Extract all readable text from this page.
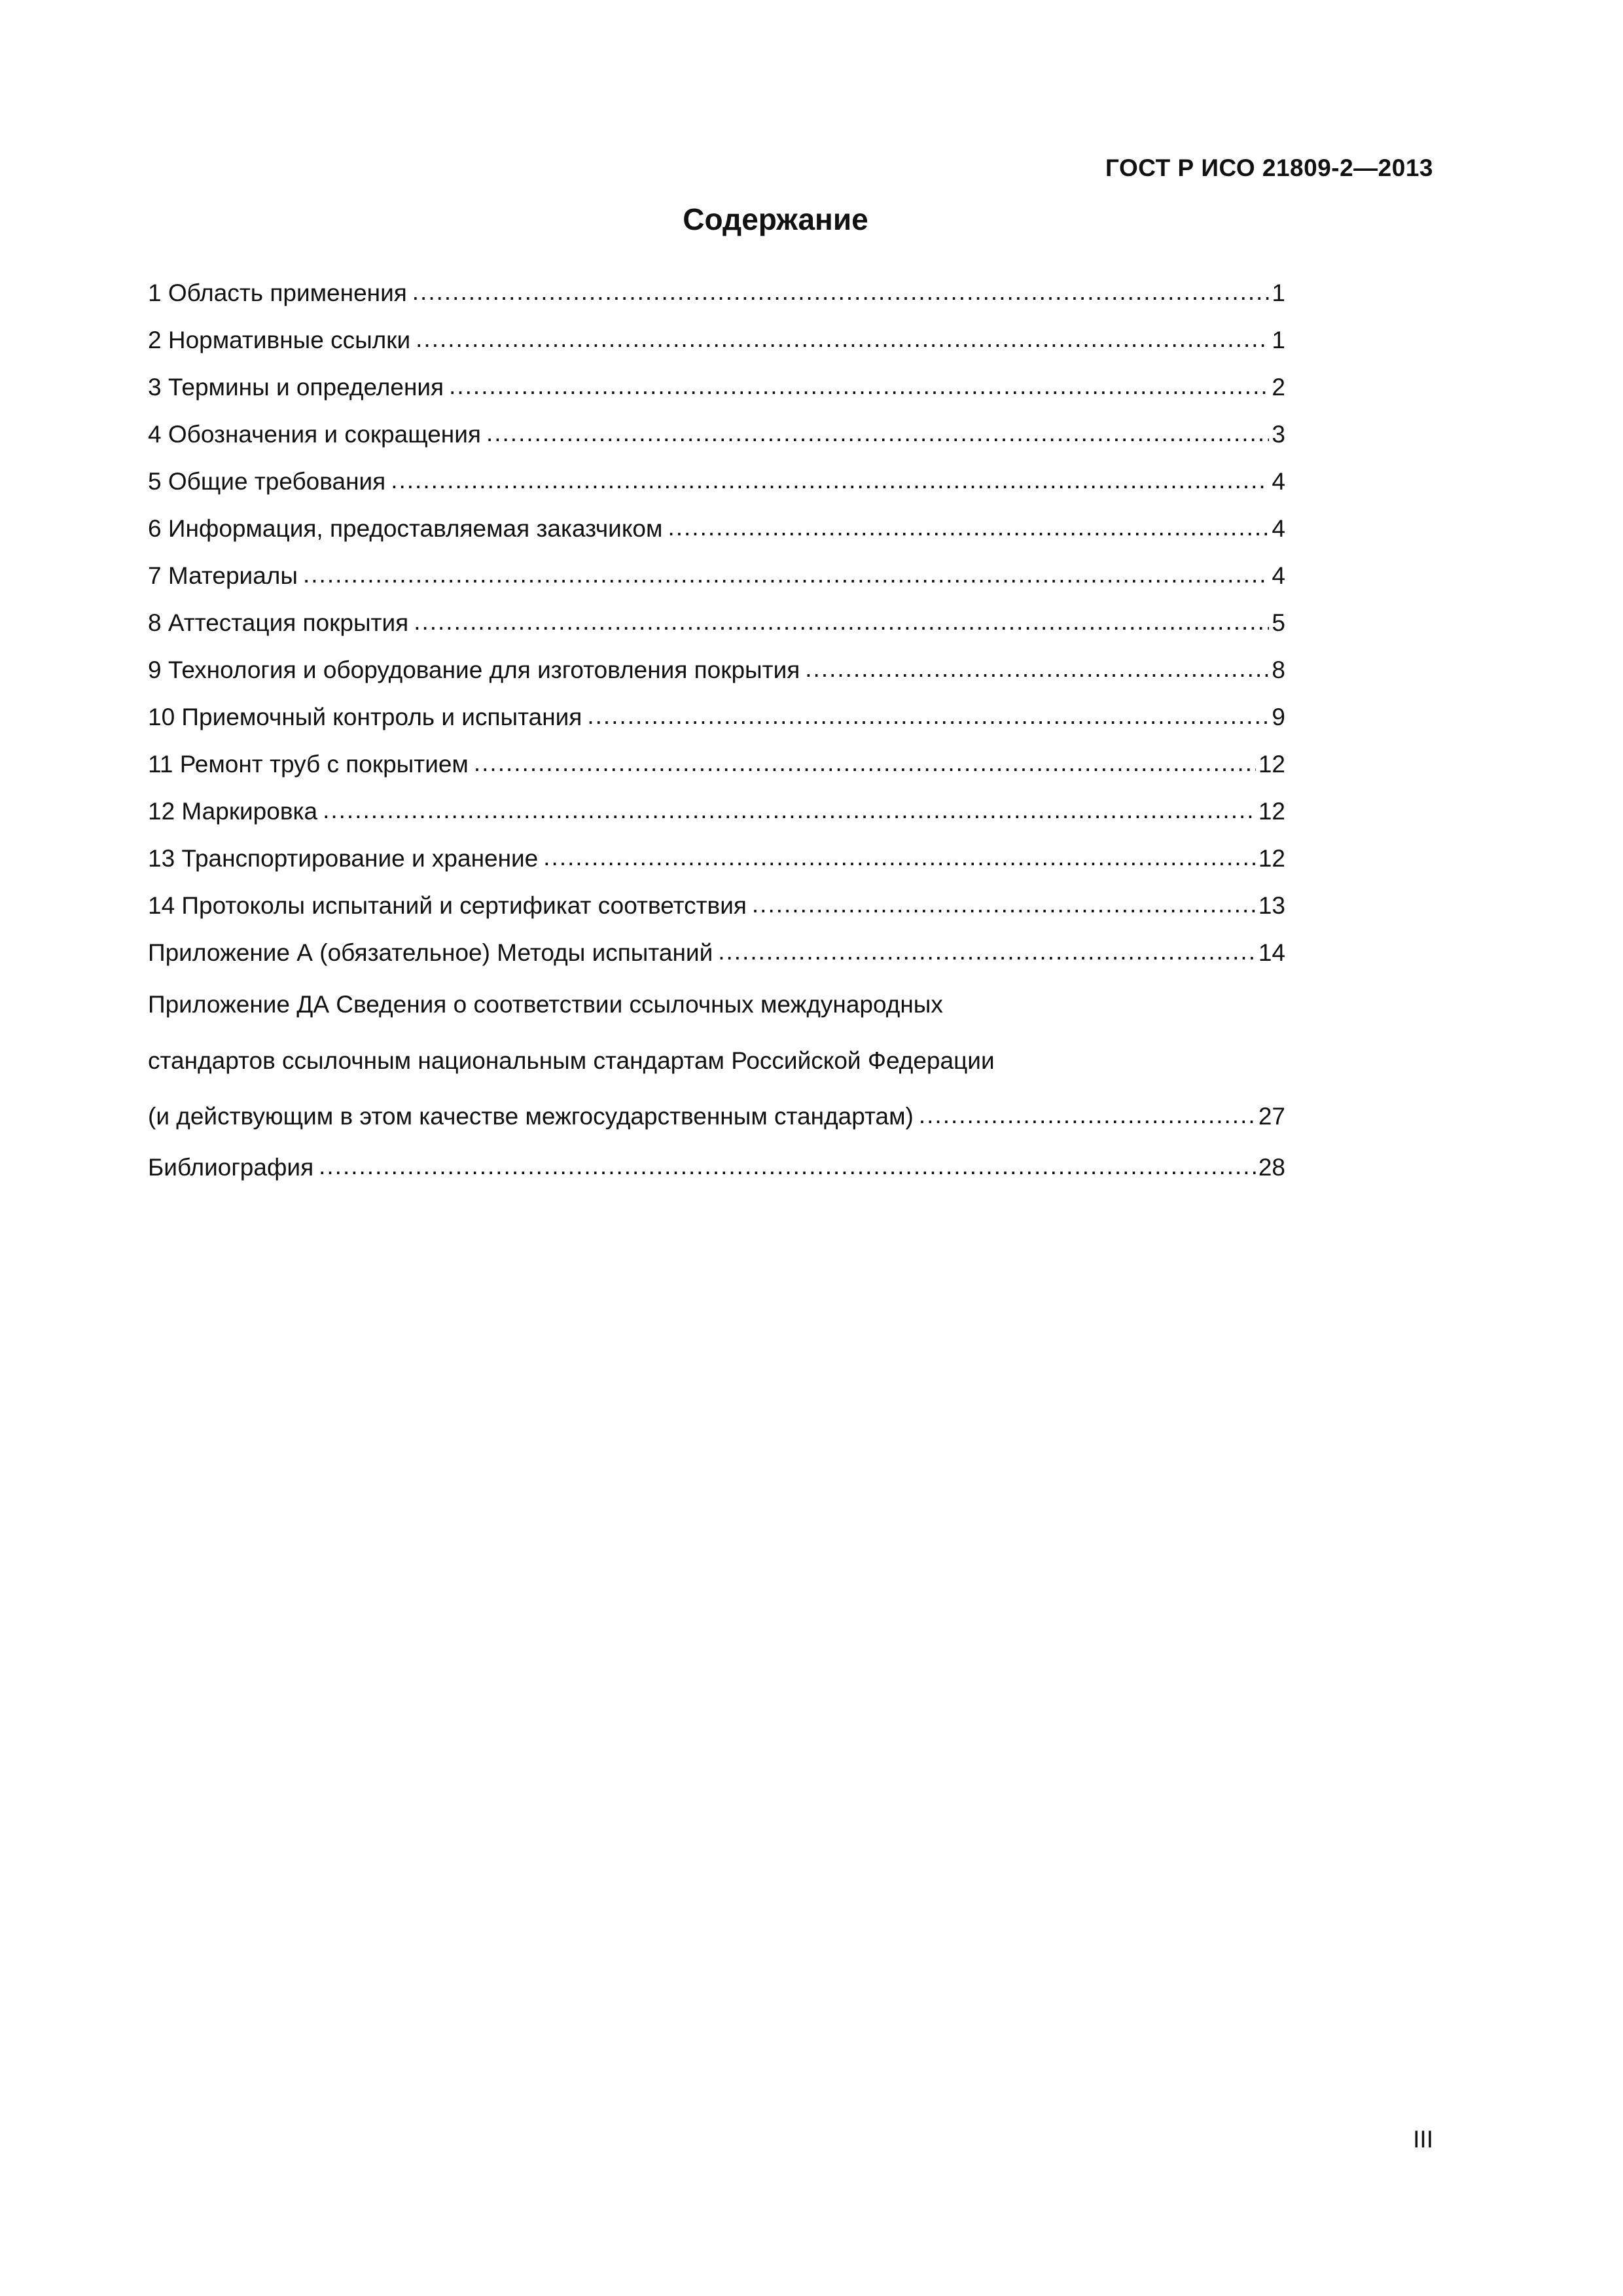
ГОСТ Р ИСО 21809-2—2013
Содержание
1 Область применения .....	1
2 Нормативные ссылки .....	1
3 Термины и определения .....	2
4 Обозначения и сокращения .....	3
5 Общие требования .....	4
6 Информация, предоставляемая заказчиком .....	4
7 Материалы .....	4
8 Аттестация покрытия .....	5
9 Технология и оборудование для изготовления покрытия .....	8
10 Приемочный контроль и испытания .....	9
11 Ремонт труб с покрытием .....	12
12 Маркировка .....	12
13 Транспортирование и хранение .....	12
14 Протоколы испытаний и сертификат соответствия .....	13
Приложение А (обязательное) Методы испытаний .....	14
Приложение ДА Сведения о соответствии ссылочных международных
стандартов ссылочным национальным стандартам Российской Федерации
(и действующим в этом качестве межгосударственным стандартам) .....	27
Библиография .....	28
III
